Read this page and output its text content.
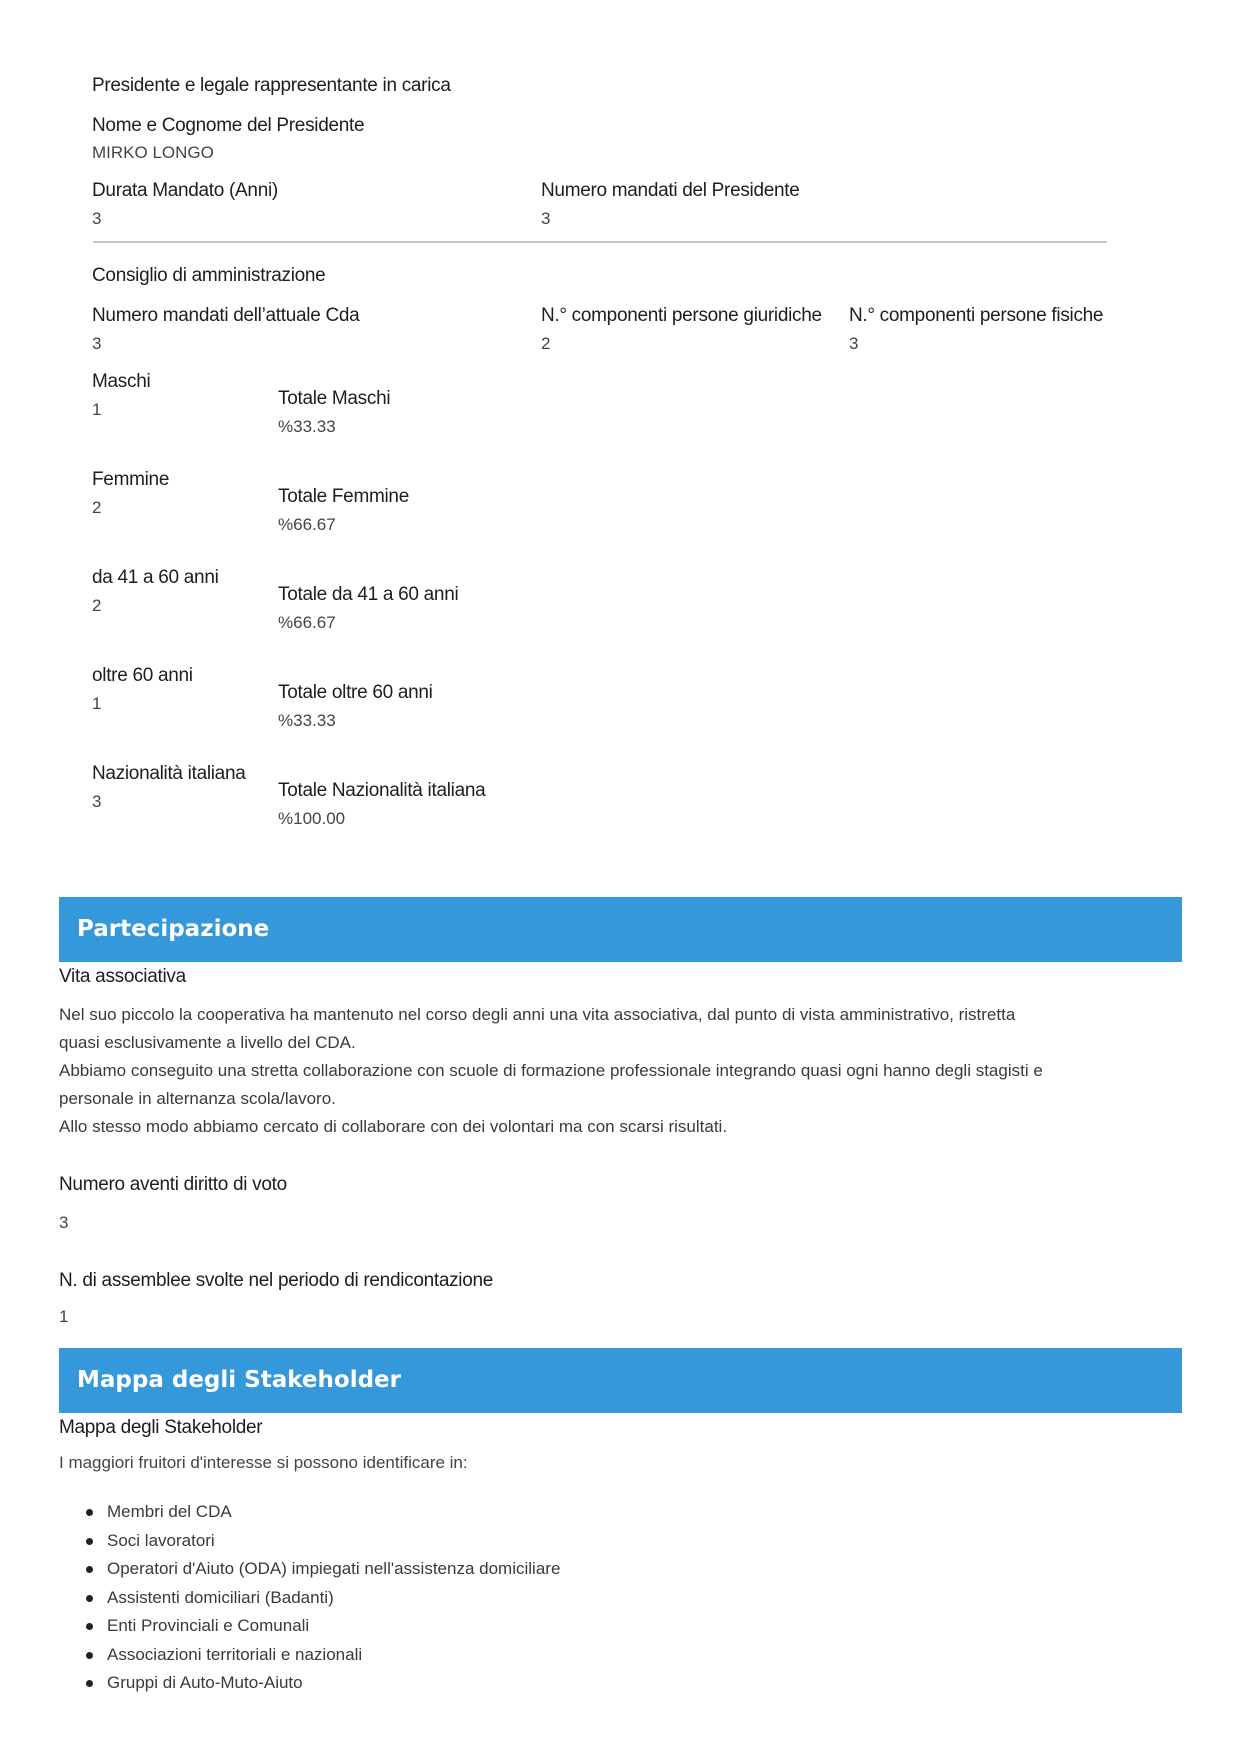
Presidente e legale rappresentante in carica
Nome e Cognome del Presidente
MIRKO LONGO
Durata Mandato (Anni)
3
Numero mandati del Presidente
3
Consiglio di amministrazione
Numero mandati dell’attuale Cda
3
N.° componenti persone giuridiche
2
N.° componenti persone fisiche
3
Maschi
1
Totale Maschi
%33.33
Femmine
2
Totale Femmine
%66.67
da 41 a 60 anni
2
Totale da 41 a 60 anni
%66.67
oltre 60 anni
1
Totale oltre 60 anni
%33.33
Nazionalità italiana
3
Totale Nazionalità italiana
%100.00
Partecipazione
Vita associativa

Nel suo piccolo la cooperativa ha mantenuto nel corso degli anni una vita associativa, dal punto di vista amministrativo, ristretta

quasi esclusivamente a livello del CDA.

Abbiamo conseguito una stretta collaborazione con scuole di formazione professionale integrando quasi ogni hanno degli stagisti e

personale in alternanza scola/lavoro.

Allo stesso modo abbiamo cercato di collaborare con dei volontari ma con scarsi risultati.

Numero aventi diritto di voto
3
N. di assemblee svolte nel periodo di rendicontazione
1
Mappa degli Stakeholder
Mappa degli Stakeholder
I maggiori fruitori d'interesse si possono identificare in:
Membri del CDA
Soci lavoratori
Operatori d'Aiuto (ODA) impiegati nell'assistenza domiciliare
Assistenti domiciliari (Badanti)
Enti Provinciali e Comunali
Associazioni territoriali e nazionali
Gruppi di Auto-Muto-Aiuto
